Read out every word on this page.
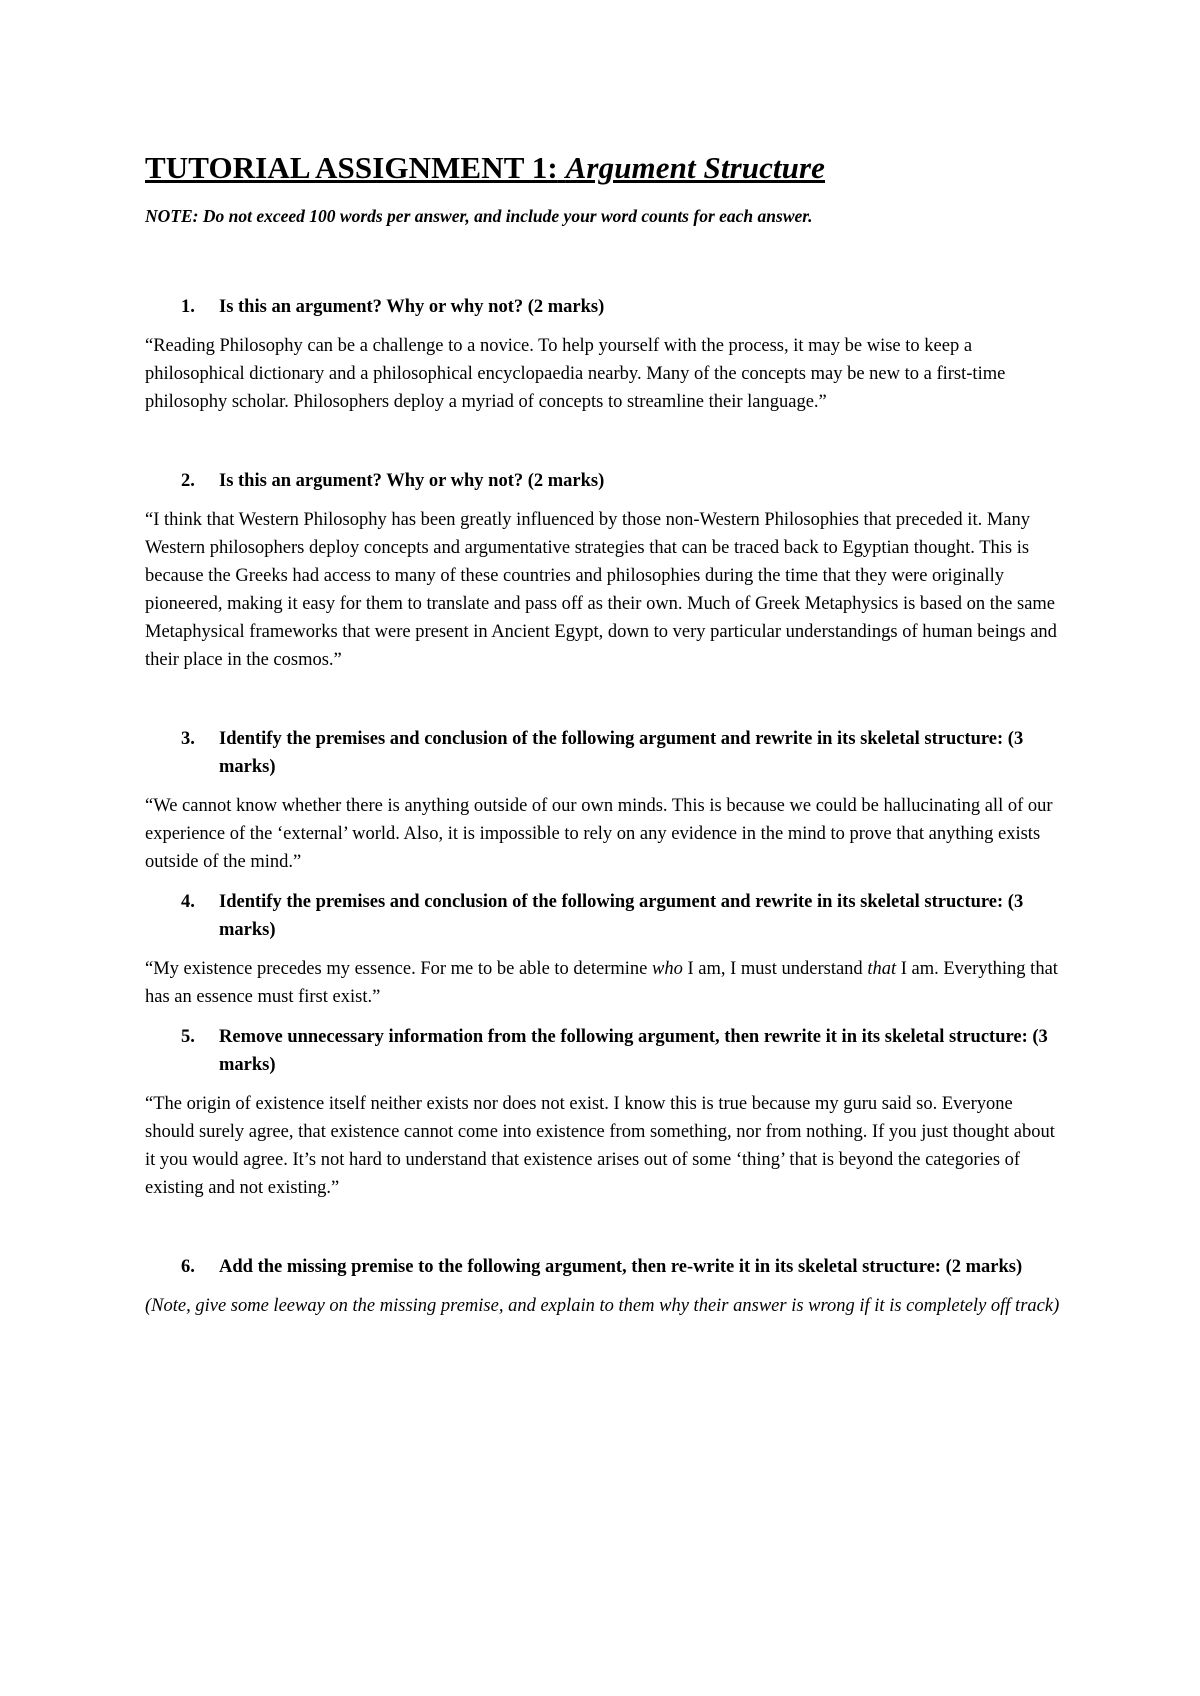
TUTORIAL ASSIGNMENT 1: Argument Structure

NOTE: Do not exceed 100 words per answer, and include your word counts for each answer.

1. Is this an argument? Why or why not? (2 marks)

“Reading Philosophy can be a challenge to a novice. To help yourself with the process, it may be wise to keep a philosophical dictionary and a philosophical encyclopaedia nearby. Many of the concepts may be new to a first-time philosophy scholar. Philosophers deploy a myriad of concepts to streamline their language.”

2. Is this an argument? Why or why not? (2 marks)

“I think that Western Philosophy has been greatly influenced by those non-Western Philosophies that preceded it. Many Western philosophers deploy concepts and argumentative strategies that can be traced back to Egyptian thought. This is because the Greeks had access to many of these countries and philosophies during the time that they were originally pioneered, making it easy for them to translate and pass off as their own. Much of Greek Metaphysics is based on the same Metaphysical frameworks that were present in Ancient Egypt, down to very particular understandings of human beings and their place in the cosmos.”

3. Identify the premises and conclusion of the following argument and rewrite in its skeletal structure: (3 marks)

“We cannot know whether there is anything outside of our own minds. This is because we could be hallucinating all of our experience of the ‘external’ world. Also, it is impossible to rely on any evidence in the mind to prove that anything exists outside of the mind.”

4. Identify the premises and conclusion of the following argument and rewrite in its skeletal structure: (3 marks)

“My existence precedes my essence. For me to be able to determine who I am, I must understand that I am. Everything that has an essence must first exist.”

5. Remove unnecessary information from the following argument, then rewrite it in its skeletal structure: (3 marks)

“The origin of existence itself neither exists nor does not exist. I know this is true because my guru said so. Everyone should surely agree, that existence cannot come into existence from something, nor from nothing. If you just thought about it you would agree. It’s not hard to understand that existence arises out of some ‘thing’ that is beyond the categories of existing and not existing.”

6. Add the missing premise to the following argument, then re-write it in its skeletal structure: (2 marks)

(Note, give some leeway on the missing premise, and explain to them why their answer is wrong if it is completely off track)
